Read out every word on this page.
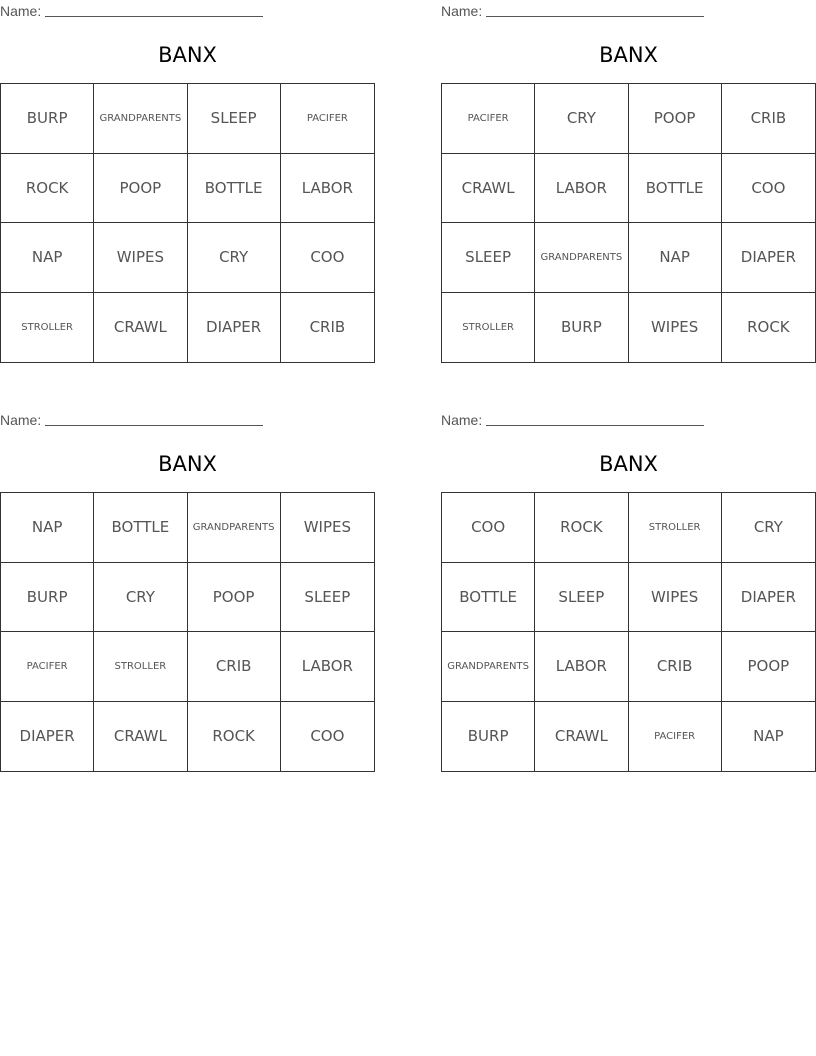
Name:
BANX
BURP	GRANDPARENTS	SLEEP	PACIFER
ROCK	POOP	BOTTLE	LABOR
NAP	WIPES	CRY	COO
STROLLER	CRAWL	DIAPER	CRIB
Name:
BANX
PACIFER	CRY	POOP	CRIB
CRAWL	LABOR	BOTTLE	COO
SLEEP	GRANDPARENTS	NAP	DIAPER
STROLLER	BURP	WIPES	ROCK
Name:
BANX
NAP	BOTTLE	GRANDPARENTS	WIPES
BURP	CRY	POOP	SLEEP
PACIFER	STROLLER	CRIB	LABOR
DIAPER	CRAWL	ROCK	COO
Name:
BANX
COO	ROCK	STROLLER	CRY
BOTTLE	SLEEP	WIPES	DIAPER
GRANDPARENTS	LABOR	CRIB	POOP
BURP	CRAWL	PACIFER	NAP
